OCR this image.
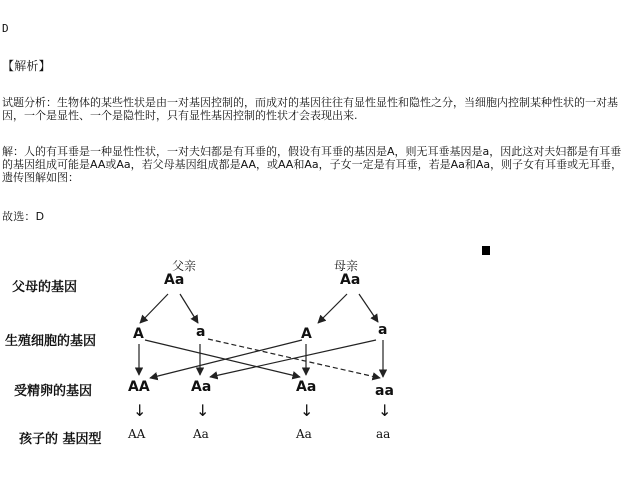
D
【解析】
试题分析：生物体的某些性状是由一对基因控制的，而成对的基因往往有显性显性和隐性之分，当细胞内控制某种性状的一对基因，一个是显性、一个是隐性时，只有显性基因控制的性状才会表现出来.
解：人的有耳垂是一种显性性状，一对夫妇都是有耳垂的，假设有耳垂的基因是A，则无耳垂基因是a，因此这对夫妇都是有耳垂的基因组成可能是AA或Aa，若父母基因组成都是AA，或AA和Aa，子女一定是有耳垂，若是Aa和Aa，则子女有耳垂或无耳垂，遗传图解如图：
故选：D
父亲	母亲
Aa	Aa
父母的基因
生殖细胞的基因
受精卵的基因
孩子的 基因型
A	a	A	a
AA	Aa	Aa	aa
↓	↓	↓	↓
AA	Aa	Aa	aa
